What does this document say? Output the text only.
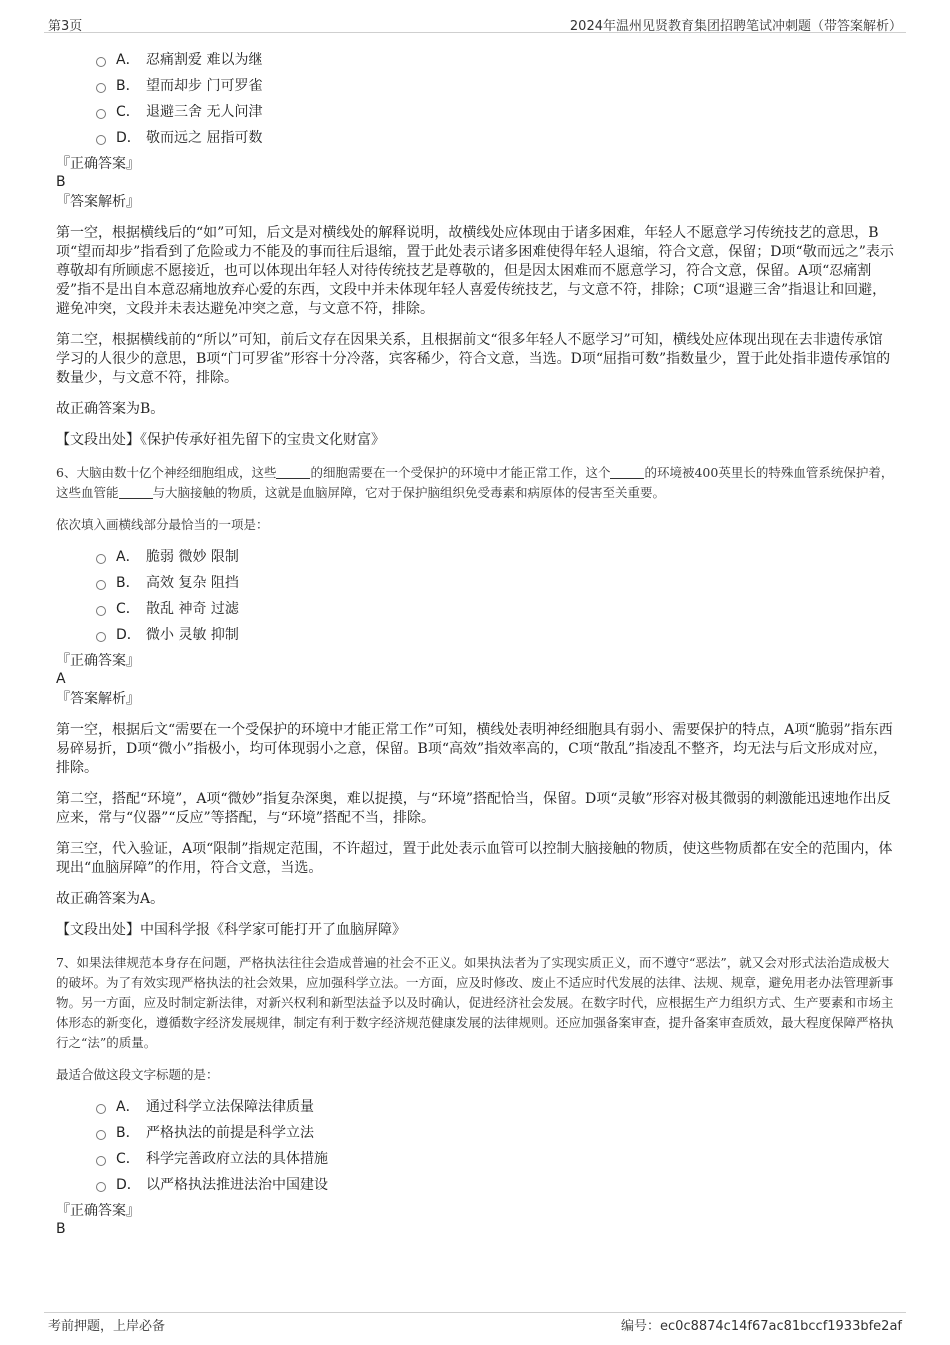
第3页	2024年温州见贤教育集团招聘笔试冲刺题（带答案解析）
A． 忍痛割爱 难以为继
B． 望而却步 门可罗雀
C． 退避三舍 无人问津
D． 敬而远之 屈指可数
『正确答案』
B
『答案解析』

第一空，根据横线后的“如”可知，后文是对横线处的解释说明，故横线处应体现由于诸多困难，年轻人不愿意学习传统技艺的意思，B项“望而却步”指看到了危险或力不能及的事而往后退缩，置于此处表示诸多困难使得年轻人退缩，符合文意，保留；D项“敬而远之”表示尊敬却有所顾虑不愿接近，也可以体现出年轻人对待传统技艺是尊敬的，但是因太困难而不愿意学习，符合文意，保留。A项“忍痛割爱”指不是出自本意忍痛地放弃心爱的东西，文段中并未体现年轻人喜爱传统技艺，与文意不符，排除；C项“退避三舍”指退让和回避，避免冲突，文段并未表达避免冲突之意，与文意不符，排除。

第二空，根据横线前的“所以”可知，前后文存在因果关系，且根据前文“很多年轻人不愿学习”可知，横线处应体现出现在去非遗传承馆学习的人很少的意思，B项“门可罗雀”形容十分冷落，宾客稀少，符合文意，当选。D项“屈指可数”指数量少，置于此处指非遗传承馆的数量少，与文意不符，排除。

故正确答案为B。

【文段出处】《保护传承好祖先留下的宝贵文化财富》

6、大脑由数十亿个神经细胞组成，这些	的细胞需要在一个受保护的环境中才能正常工作，这个	的环境被400英里长的特殊血管系统保护着，这些血管能	与大脑接触的物质，这就是血脑屏障，它对于保护脑组织免受毒素和病原体的侵害至关重要。

依次填入画横线部分最恰当的一项是：

A． 脆弱 微妙 限制
B． 高效 复杂 阻挡
C． 散乱 神奇 过滤
D． 微小 灵敏 抑制
『正确答案』
A
『答案解析』

第一空，根据后文“需要在一个受保护的环境中才能正常工作”可知，横线处表明神经细胞具有弱小、需要保护的特点，A项“脆弱”指东西易碎易折，D项“微小”指极小，均可体现弱小之意，保留。B项“高效”指效率高的，C项“散乱”指凌乱不整齐，均无法与后文形成对应，排除。

第二空，搭配“环境”，A项“微妙”指复杂深奥，难以捉摸，与“环境”搭配恰当，保留。D项“灵敏”形容对极其微弱的刺激能迅速地作出反应来，常与“仪器”“反应”等搭配，与“环境”搭配不当，排除。

第三空，代入验证，A项“限制”指规定范围，不许超过，置于此处表示血管可以控制大脑接触的物质，使这些物质都在安全的范围内，体现出“血脑屏障”的作用，符合文意，当选。

故正确答案为A。

【文段出处】中国科学报《科学家可能打开了血脑屏障》

7、如果法律规范本身存在问题，严格执法往往会造成普遍的社会不正义。如果执法者为了实现实质正义，而不遵守“恶法”，就又会对形式法治造成极大的破坏。为了有效实现严格执法的社会效果，应加强科学立法。一方面，应及时修改、废止不适应时代发展的法律、法规、规章，避免用老办法管理新事物。另一方面，应及时制定新法律，对新兴权利和新型法益予以及时确认，促进经济社会发展。在数字时代，应根据生产力组织方式、生产要素和市场主体形态的新变化，遵循数字经济发展规律，制定有利于数字经济规范健康发展的法律规则。还应加强备案审查，提升备案审查质效，最大程度保障严格执行之“法”的质量。

最适合做这段文字标题的是：

A． 通过科学立法保障法律质量
B． 严格执法的前提是科学立法
C． 科学完善政府立法的具体措施
D． 以严格执法推进法治中国建设
『正确答案』
B
考前押题，上岸必备	编号：ec0c8874c14f67ac81bccf1933bfe2af
